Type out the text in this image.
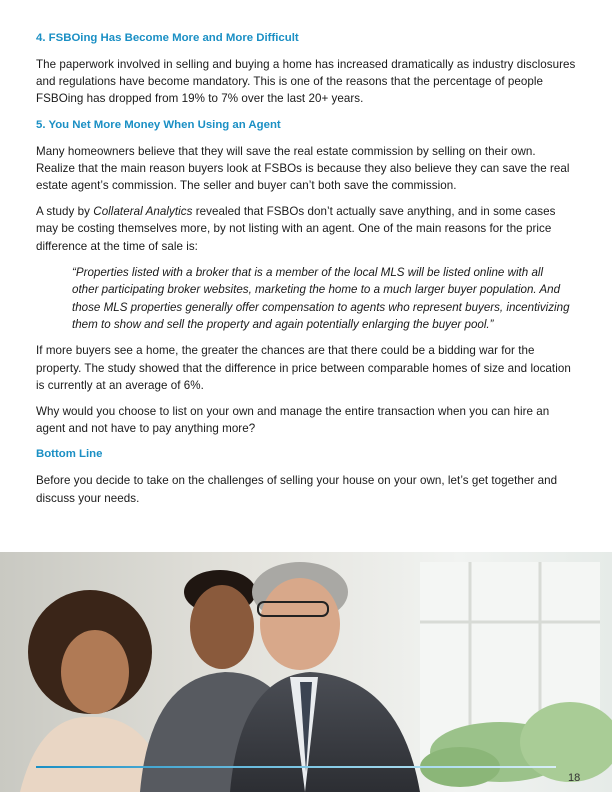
4. FSBOing Has Become More and More Difficult

The paperwork involved in selling and buying a home has increased dramatically as industry disclosures and regulations have become mandatory. This is one of the reasons that the percentage of people FSBOing has dropped from 19% to 7% over the last 20+ years.

5. You Net More Money When Using an Agent

Many homeowners believe that they will save the real estate commission by selling on their own. Realize that the main reason buyers look at FSBOs is because they also believe they can save the real estate agent’s commission. The seller and buyer can’t both save the commission.

A study by Collateral Analytics revealed that FSBOs don’t actually save anything, and in some cases may be costing themselves more, by not listing with an agent. One of the main reasons for the price difference at the time of sale is:

“Properties listed with a broker that is a member of the local MLS will be listed online with all other participating broker websites, marketing the home to a much larger buyer population. And those MLS properties generally offer compensation to agents who represent buyers, incentivizing them to show and sell the property and again potentially enlarging the buyer pool.”

If more buyers see a home, the greater the chances are that there could be a bidding war for the property. The study showed that the difference in price between comparable homes of size and location is currently at an average of 6%.

Why would you choose to list on your own and manage the entire transaction when you can hire an agent and not have to pay anything more?

Bottom Line

Before you decide to take on the challenges of selling your house on your own, let’s get together and discuss your needs.

18
